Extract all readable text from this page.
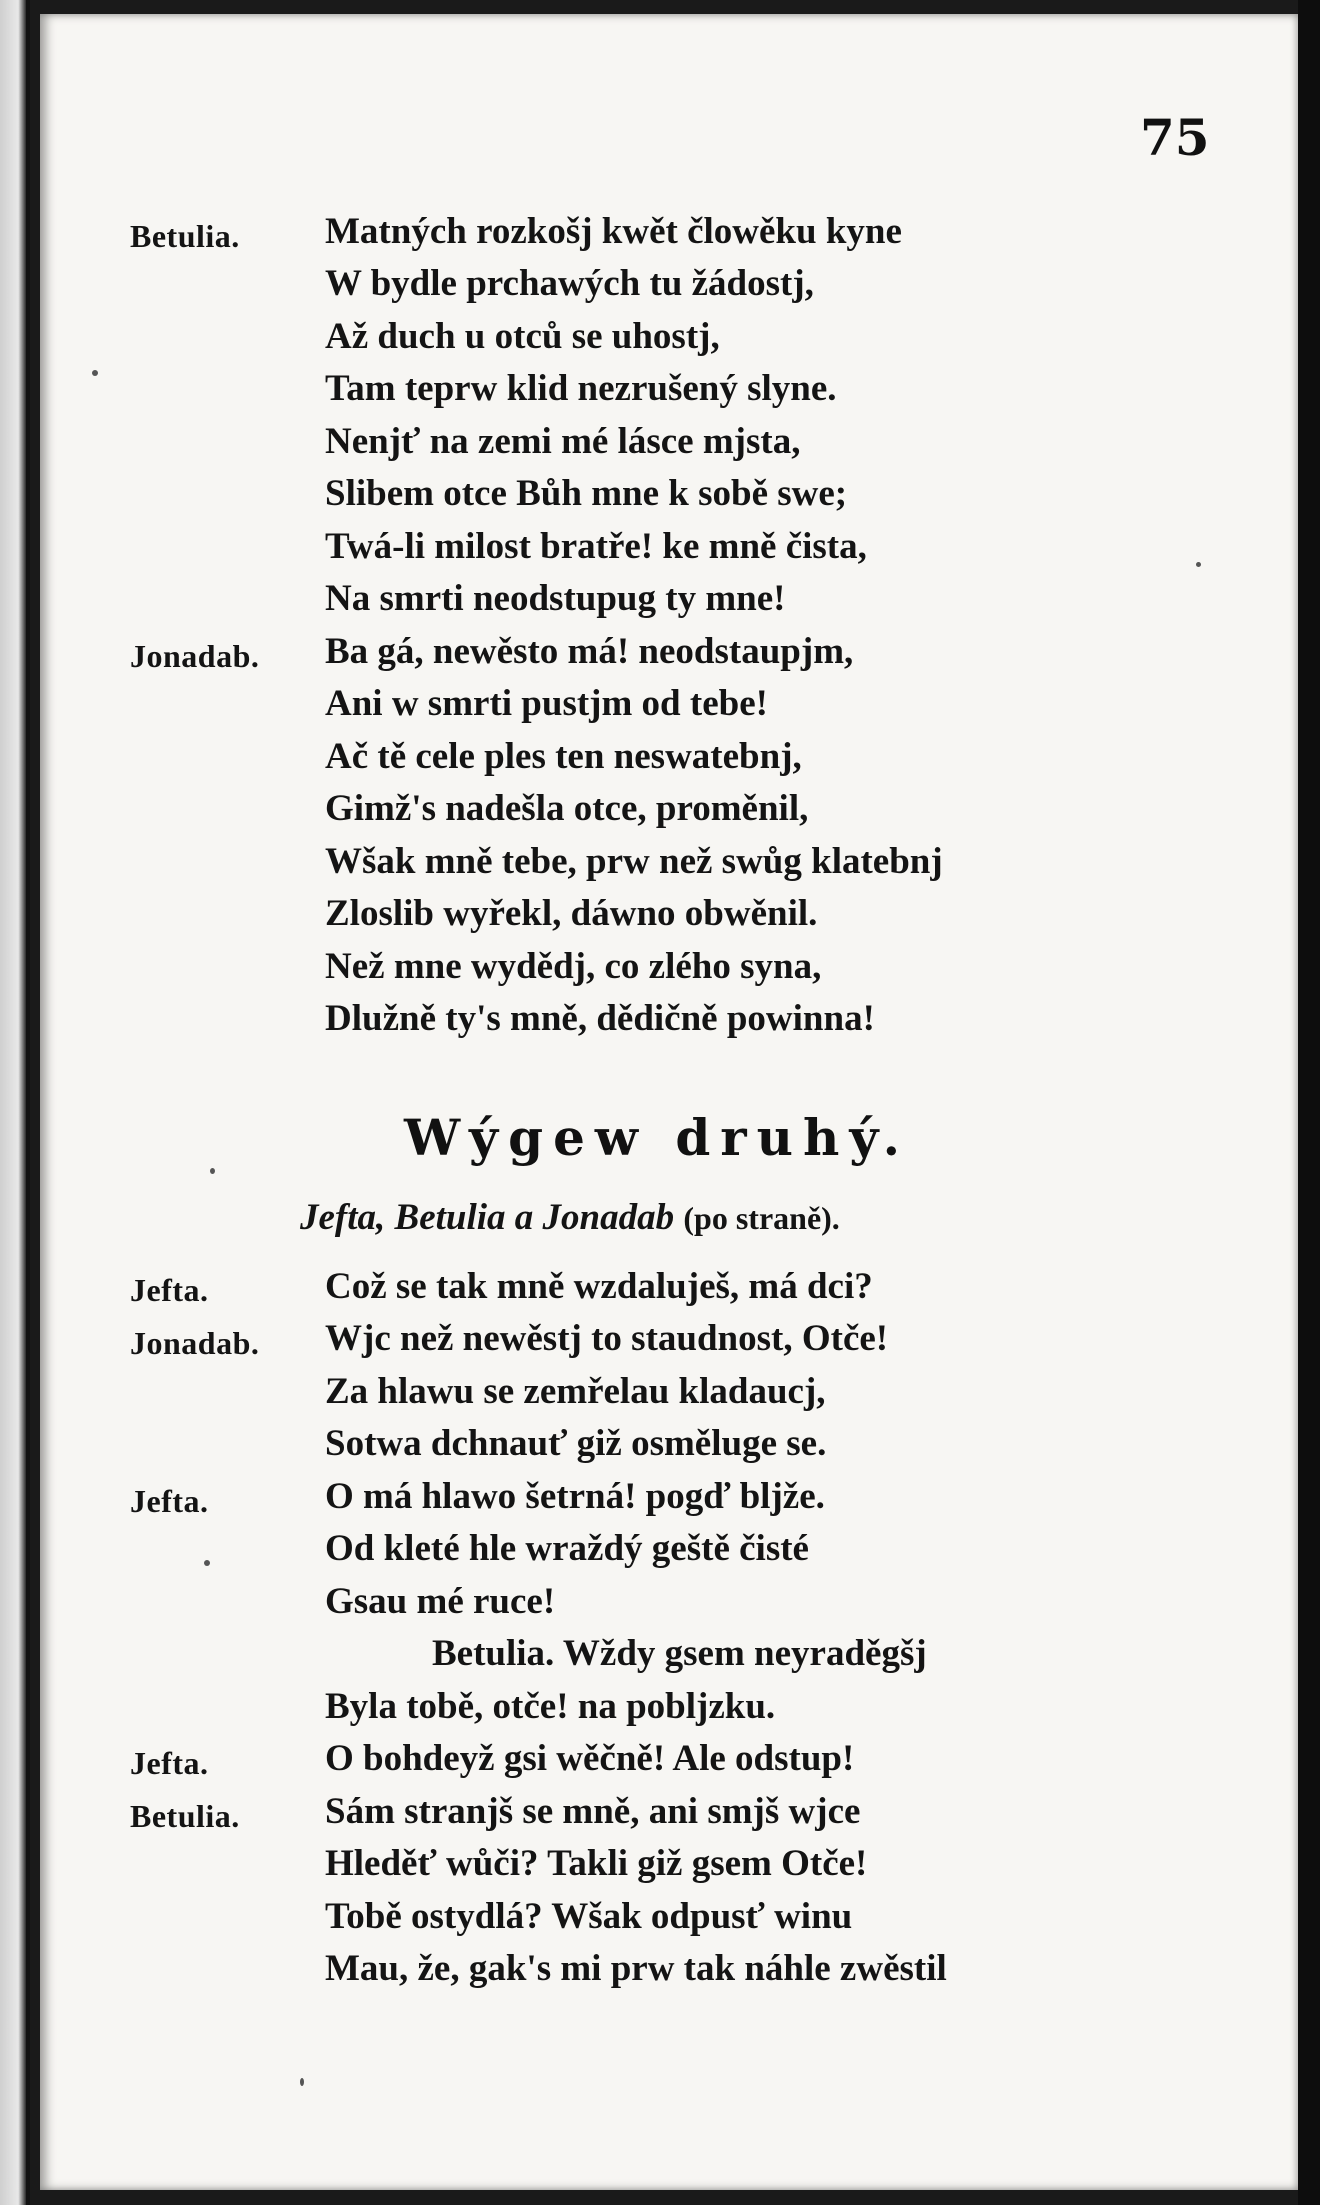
75
Betulia.
Jonadab.
Matných rozkošj kwět člowěku kyne
W bydle prchawých tu žádostj,
Až duch u otců se uhostj,
Tam teprw klid nezrušený slyne.
Nenjť na zemi mé lásce mjsta,
Slibem otce Bůh mne k sobě swe;
Twá-li milost bratře! ke mně čista,
Na smrti neodstupug ty mne!
Ba gá, newěsto má! neodstaupjm,
Ani w smrti pustjm od tebe!
Ač tě cele ples ten neswatebnj,
Gimž's nadešla otce, proměnil,
Wšak mně tebe, prw než swůg klatebnj
Zloslib wyřekl, dáwno obwěnil.
Než mne wydědj, co zlého syna,
Dlužně ty's mně, dědičně powinna!
Wýgew druhý.
Jefta, Betulia a Jonadab (po straně).
Jefta.
Jonadab.
Jefta.
Jefta.
Betulia.
Což se tak mně wzdaluješ, má dci?
Wjc než newěstj to staudnost, Otče!
Za hlawu se zemřelau kladaucj,
Sotwa dchnauť giž osměluge se.
O má hlawo šetrná! pogď bljže.
Od kleté hle wraždý geště čisté
Gsau mé ruce!
Betulia. Wždy gsem neyraděgšj
Byla tobě, otče! na pobljzku.
O bohdeyž gsi wěčně! Ale odstup!
Sám stranjš se mně, ani smjš wjce
Hleděť wůči? Takli giž gsem Otče!
Tobě ostydlá? Wšak odpusť winu
Mau, že, gak's mi prw tak náhle zwěstil
